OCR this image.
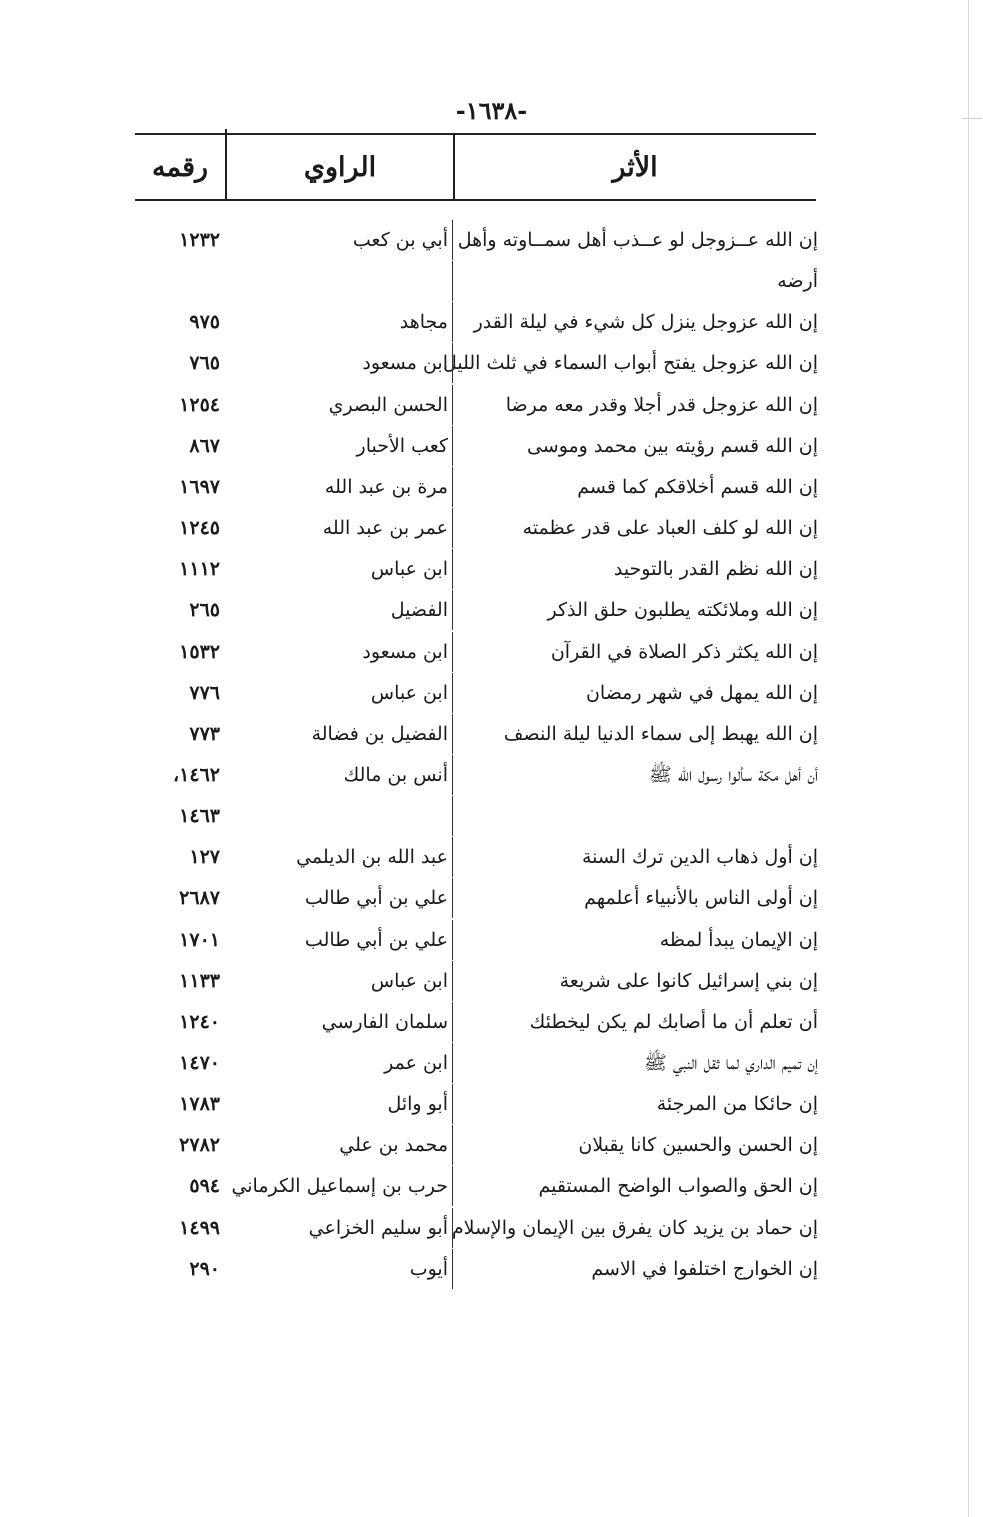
-١٦٣٨-
الأثر
الراوي
رقمه
إن الله عــزوجل لو عــذب أهل سمــاوته وأهل
أبي بن كعب
١٢٣٢
أرضه
إن الله عزوجل ينزل كل شيء في ليلة القدر
مجاهد
٩٧٥
إن الله عزوجل يفتح أبواب السماء في ثلث الليل
ابن مسعود
٧٦٥
إن الله عزوجل قدر أجلا وقدر معه مرضا
الحسن البصري
١٢٥٤
إن الله قسم رؤيته بين محمد وموسى
كعب الأحبار
٨٦٧
إن الله قسم أخلاقكم كما قسم
مرة بن عبد الله
١٦٩٧
إن الله لو كلف العباد على قدر عظمته
عمر بن عبد الله
١٢٤٥
إن الله نظم القدر بالتوحيد
ابن عباس
١١١٢
إن الله وملائكته يطلبون حلق الذكر
الفضيل
٢٦٥
إن الله يكثر ذكر الصلاة في القرآن
ابن مسعود
١٥٣٢
إن الله يمهل في شهر رمضان
ابن عباس
٧٧٦
إن الله يهبط إلى سماء الدنيا ليلة النصف
الفضيل بن فضالة
٧٧٣
أن أهل مكة سألوا رسول الله ﷺ
أنس بن مالك
١٤٦٢،
١٤٦٣
إن أول ذهاب الدين ترك السنة
عبد الله بن الديلمي
١٢٧
إن أولى الناس بالأنبياء أعلمهم
علي بن أبي طالب
٢٦٨٧
إن الإيمان يبدأ لمظه
علي بن أبي طالب
١٧٠١
إن بني إسرائيل كانوا على شريعة
ابن عباس
١١٣٣
أن تعلم أن ما أصابك لم يكن ليخطئك
سلمان الفارسي
١٢٤٠
إن تميم الداري لما ثقل النبي ﷺ
ابن عمر
١٤٧٠
إن حائكا من المرجئة
أبو وائل
١٧٨٣
إن الحسن والحسين كانا يقبلان
محمد بن علي
٢٧٨٢
إن الحق والصواب الواضح المستقيم
حرب بن إسماعيل الكرماني
٥٩٤
إن حماد بن يزيد كان يفرق بين الإيمان والإسلام
أبو سليم الخزاعي
١٤٩٩
إن الخوارج اختلفوا في الاسم
أيوب
٢٩٠
